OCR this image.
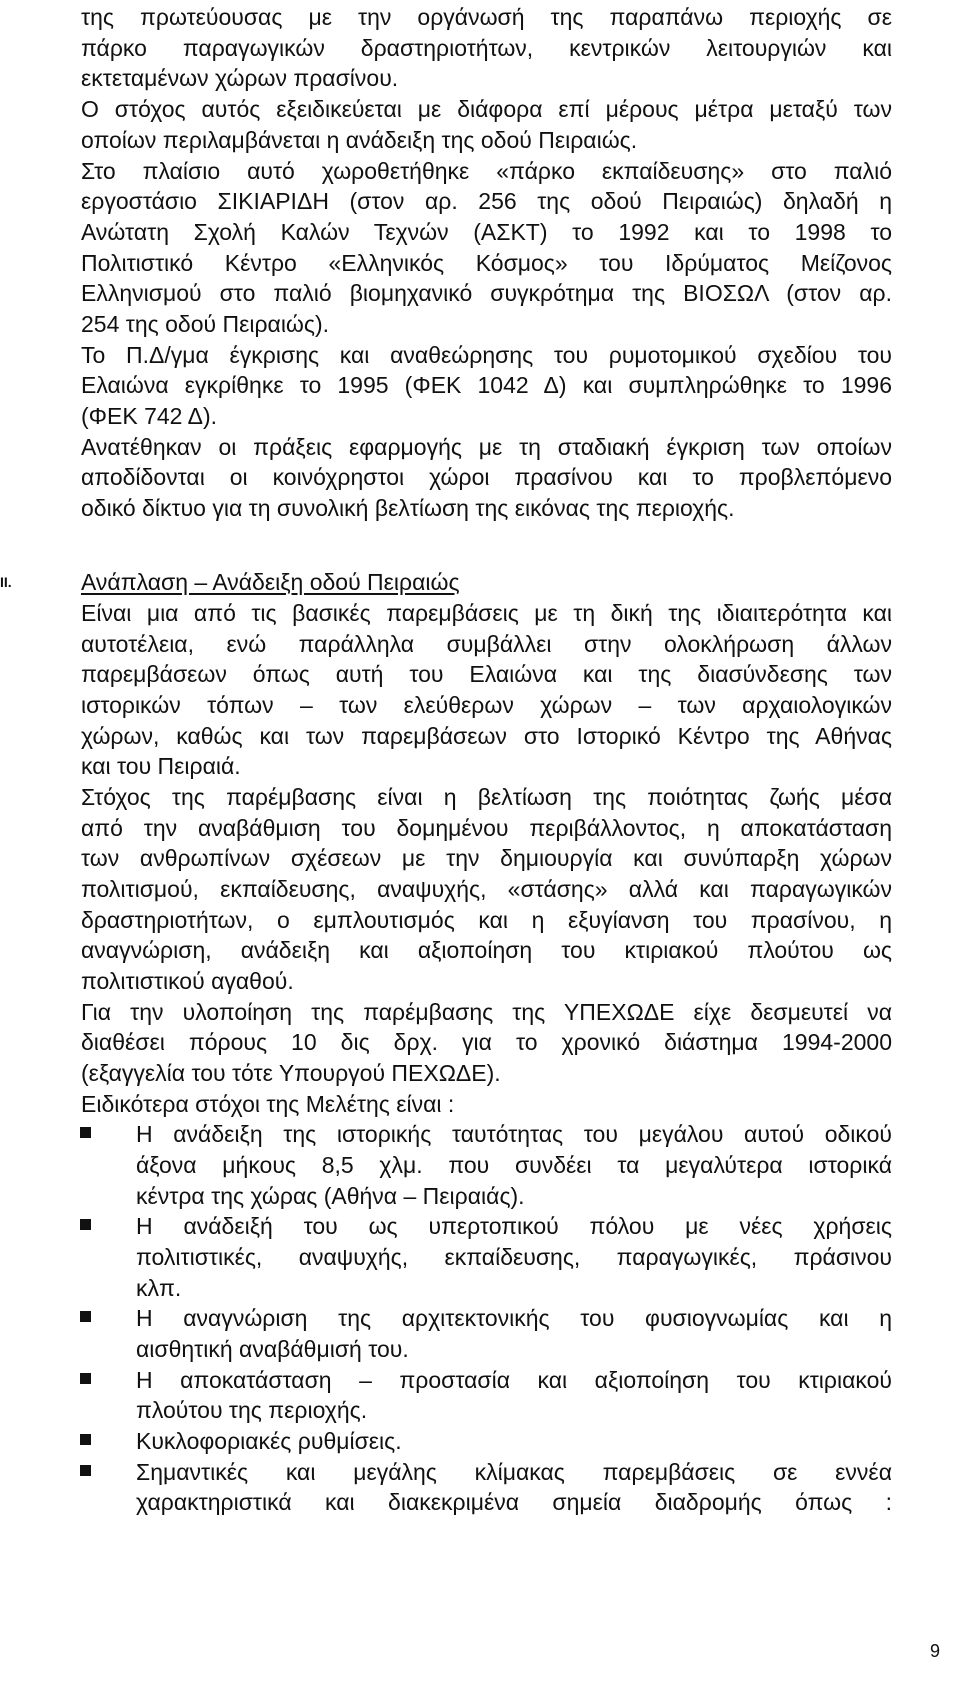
της πρωτεύουσας με την οργάνωσή της παραπάνω περιοχής σε
πάρκο παραγωγικών δραστηριοτήτων, κεντρικών λειτουργιών και
εκτεταμένων χώρων πρασίνου.
Ο στόχος αυτός εξειδικεύεται με διάφορα επί μέρους μέτρα μεταξύ των
οποίων περιλαμβάνεται η ανάδειξη της οδού Πειραιώς.
Στο πλαίσιο αυτό χωροθετήθηκε «πάρκο εκπαίδευσης» στο παλιό
εργοστάσιο ΣΙΚΙΑΡΙΔΗ (στον αρ. 256 της οδού Πειραιώς) δηλαδή η
Ανώτατη Σχολή Καλών Τεχνών (ΑΣΚΤ) το 1992 και το 1998 το
Πολιτιστικό Κέντρο «Ελληνικός Κόσμος» του Ιδρύματος Μείζονος
Ελληνισμού στο παλιό βιομηχανικό συγκρότημα της ΒΙΟΣΩΛ (στον αρ.
254 της οδού Πειραιώς).
Το Π.Δ/γμα έγκρισης και αναθεώρησης του ρυμοτομικού σχεδίου του
Ελαιώνα εγκρίθηκε το 1995 (ΦΕΚ 1042 Δ) και συμπληρώθηκε το 1996
(ΦΕΚ 742 Δ).
Ανατέθηκαν οι πράξεις εφαρμογής με τη σταδιακή έγκριση των οποίων
αποδίδονται οι κοινόχρηστοι χώροι πρασίνου και το προβλεπόμενο
οδικό δίκτυο για τη συνολική βελτίωση της εικόνας της περιοχής.
ΙΙ.	Ανάπλαση – Ανάδειξη οδού Πειραιώς
Είναι μια από τις βασικές παρεμβάσεις με τη δική της ιδιαιτερότητα και
αυτοτέλεια, ενώ παράλληλα συμβάλλει στην ολοκλήρωση άλλων
παρεμβάσεων όπως αυτή του Ελαιώνα και της διασύνδεσης των
ιστορικών τόπων – των ελεύθερων χώρων – των αρχαιολογικών
χώρων, καθώς και των παρεμβάσεων στο Ιστορικό Κέντρο της Αθήνας
και του Πειραιά.
Στόχος της παρέμβασης είναι η βελτίωση της ποιότητας ζωής μέσα
από την αναβάθμιση του δομημένου περιβάλλοντος, η αποκατάσταση
των ανθρωπίνων σχέσεων με την δημιουργία και συνύπαρξη χώρων
πολιτισμού, εκπαίδευσης, αναψυχής, «στάσης» αλλά και παραγωγικών
δραστηριοτήτων, ο εμπλουτισμός και η εξυγίανση του πρασίνου, η
αναγνώριση, ανάδειξη και αξιοποίηση του κτιριακού πλούτου ως
πολιτιστικού αγαθού.
Για την υλοποίηση της παρέμβασης της ΥΠΕΧΩΔΕ είχε δεσμευτεί να
διαθέσει πόρους 10 δις δρχ. για το χρονικό διάστημα 1994-2000
(εξαγγελία του τότε Υπουργού ΠΕΧΩΔΕ).
Ειδικότερα στόχοι της Μελέτης είναι :
Η ανάδειξη της ιστορικής ταυτότητας του μεγάλου αυτού οδικού
άξονα μήκους 8,5 χλμ. που συνδέει τα μεγαλύτερα ιστορικά
κέντρα της χώρας (Αθήνα – Πειραιάς).
Η ανάδειξή του ως υπερτοπικού πόλου με νέες χρήσεις
πολιτιστικές, αναψυχής, εκπαίδευσης, παραγωγικές, πράσινου
κλπ.
Η αναγνώριση της αρχιτεκτονικής του φυσιογνωμίας και η
αισθητική αναβάθμισή του.
Η αποκατάσταση – προστασία και αξιοποίηση του κτιριακού
πλούτου της περιοχής.
Κυκλοφοριακές ρυθμίσεις.
Σημαντικές και μεγάλης κλίμακας παρεμβάσεις σε εννέα
χαρακτηριστικά και διακεκριμένα σημεία διαδρομής όπως :
9
